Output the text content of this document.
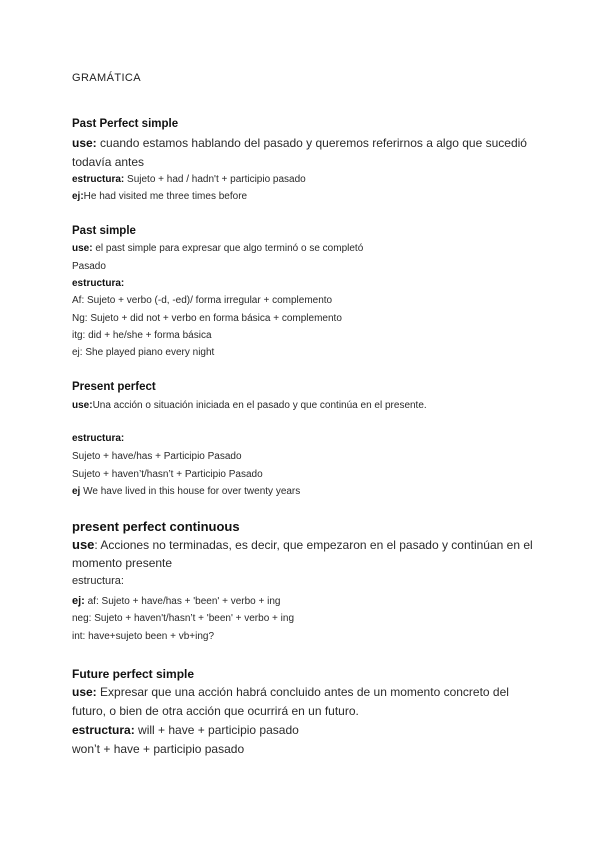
GRAMÁTICA
Past Perfect simple
use: cuando estamos hablando del pasado y queremos referirnos a algo que sucedió
todavía antes
estructura: Sujeto + had / hadn't + participio pasado
ej:He had visited me three times before
Past simple
use: el past simple para expresar que algo terminó o se completó
Pasado
estructura:
Af: Sujeto + verbo (-d, -ed)/ forma irregular + complemento
Ng: Sujeto + did not + verbo en forma básica + complemento
itg: did + he/she + forma básica
ej: She played piano every night
Present perfect
use:Una acción o situación iniciada en el pasado y que continúa en el presente.
estructura:
Sujeto + have/has + Participio Pasado
Sujeto + haven’t/hasn’t + Participio Pasado
ej We have lived in this house for over twenty years
present perfect continuous
use: Acciones no terminadas, es decir, que empezaron en el pasado y continúan en el
momento presente
estructura:
ej: af: Sujeto + have/has + 'been' + verbo + ing
neg: Sujeto + haven't/hasn’t + 'been' + verbo + ing
int: have+sujeto been + vb+ing?
Future perfect simple
use: Expresar que una acción habrá concluido antes de un momento concreto del
futuro, o bien de otra acción que ocurrirá en un futuro.
estructura: will + have + participio pasado
won’t + have + participio pasado
